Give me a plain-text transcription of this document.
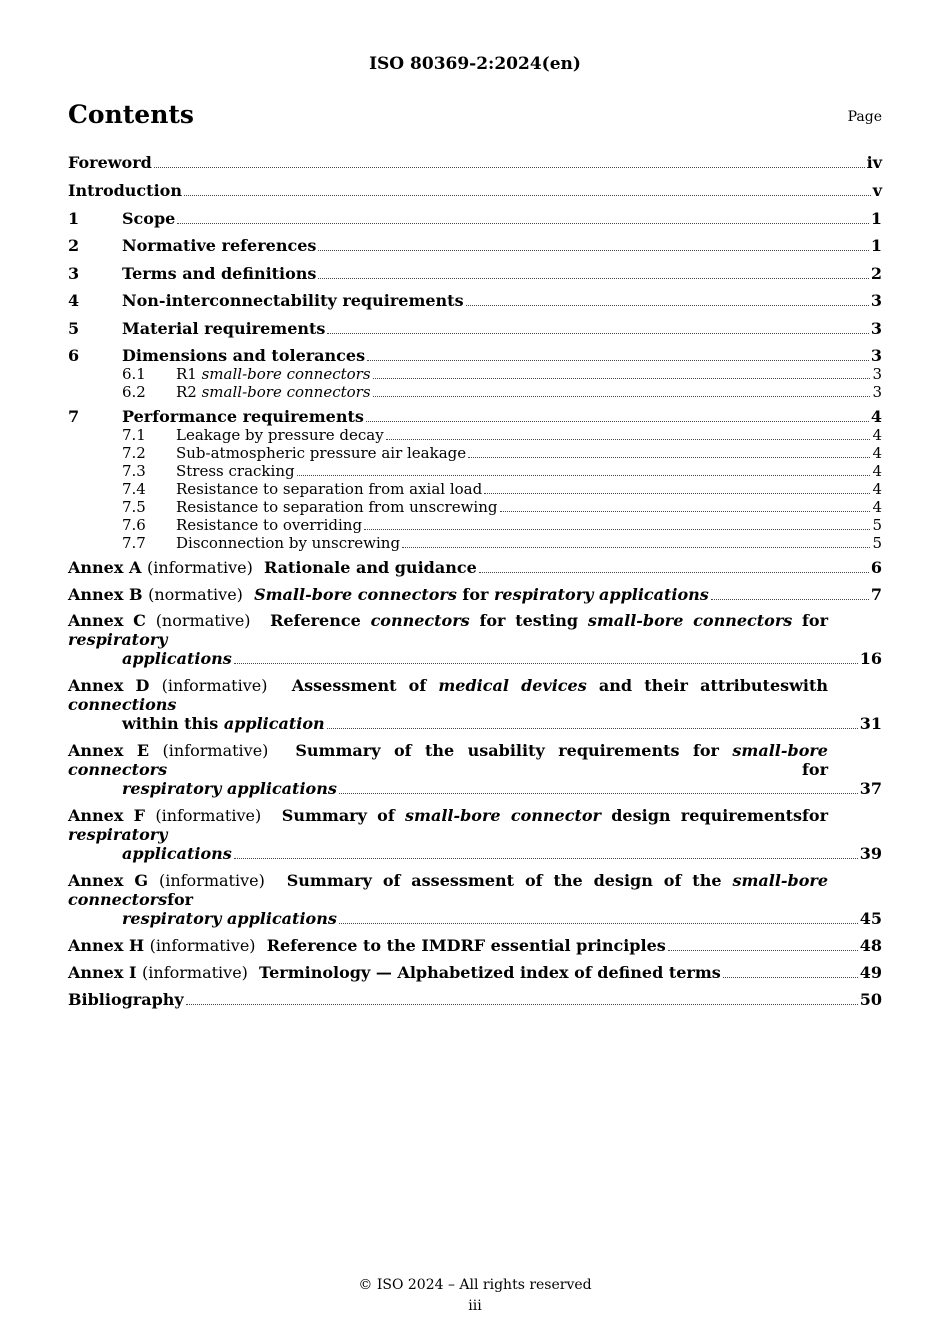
ISO 80369-2:2024(en)
Contents	Page
Foreword	iv
Introduction	v
1	Scope	1
2	Normative references	1
3	Terms and definitions	2
4	Non-interconnectability requirements	3
5	Material requirements	3
6	Dimensions and tolerances	3
6.1	R1 small-bore connectors	3
6.2	R2 small-bore connectors	3
7	Performance requirements	4
7.1	Leakage by pressure decay	4
7.2	Sub-atmospheric pressure air leakage	4
7.3	Stress cracking	4
7.4	Resistance to separation from axial load	4
7.5	Resistance to separation from unscrewing	4
7.6	Resistance to overriding	5
7.7	Disconnection by unscrewing	5
Annex A (informative) Rationale and guidance	6
Annex B (normative) Small-bore connectors for respiratory applications	7
Annex C (normative) Reference connectors for testing small-bore connectors for respiratory
applications	16
Annex D (informative) Assessment of medical devices and their attributeswith connections
within this application	31
Annex E (informative) Summary of the usability requirements for small-bore connectors for
respiratory applications	37
Annex F (informative) Summary of small-bore connector design requirementsfor respiratory
applications	39
Annex G (informative) Summary of assessment of the design of the small-bore connectorsfor
respiratory applications	45
Annex H (informative) Reference to the IMDRF essential principles	48
Annex I (informative) Terminology — Alphabetized index of defined terms	49
Bibliography	50
© ISO 2024 – All rights reserved
iii
